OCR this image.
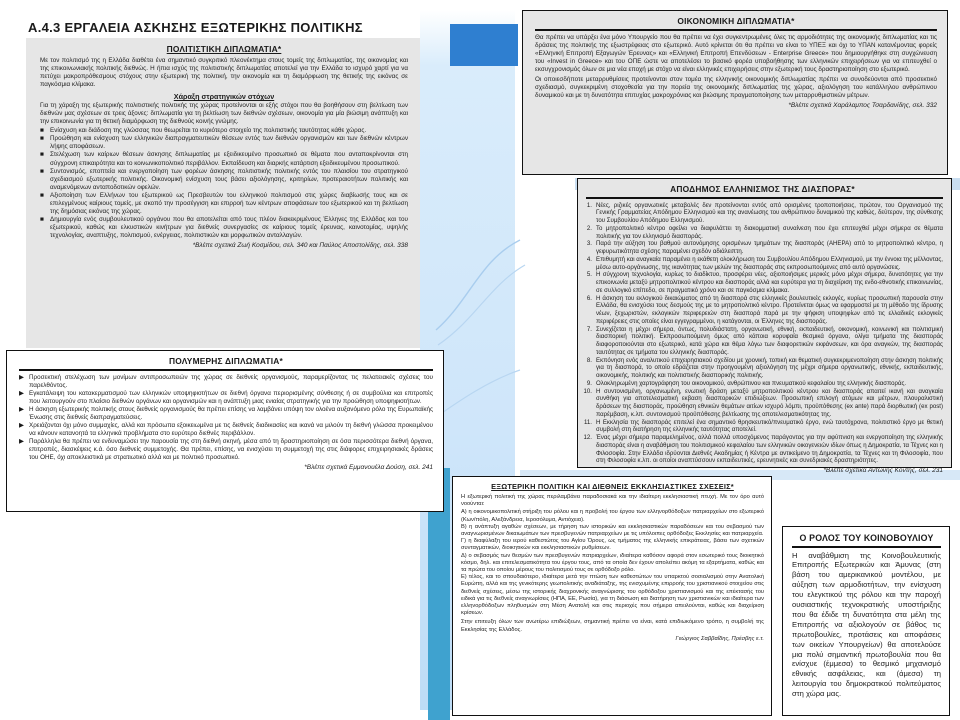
Α.4.3 ΕΡΓΑΛΕΙΑ ΑΣΚΗΣΗΣ ΕΞΩΤΕΡΙΚΗΣ ΠΟΛΙΤΙΚΗΣ
ΠΟΛΙΤΙΣΤΙΚΗ ΔΙΠΛΩΜΑΤΙΑ*
Με τον πολιτισμό της η Ελλάδα διαθέτει ένα σημαντικό συγκριτικό πλεονέκτημα στους τομείς της διπλωματίας, της οικονομίας και της επικοινωνιακής πολιτικής διεθνώς. Η ήπια ισχύς της πολιτιστικής διπλωματίας αποτελεί για την Ελλάδα το ισχυρό χαρτί για να πετύχει μακροπρόθεσμους στόχους στην εξωτερική της πολιτική, την οικονομία και τη διαμόρφωση της θετικής της εικόνας σε παγκόσμια κλίμακα.
Χάραξη στρατηγικών στόχων
Για τη χάραξη της εξωτερικής πολιτιστικής πολιτικής της χώρας προτείνονται οι εξής στόχοι που θα βοηθήσουν στη βελτίωση των διεθνών μας σχέσεων σε τρεις άξονες: διπλωματία για τη βελτίωση των διεθνών σχέσεων, οικονομία για μία βιώσιμη ανάπτυξη και την επικοινωνία για τη θετική διαμόρφωση της διεθνούς κοινής γνώμης.
■ Ενίσχυση και διάδοση της γλώσσας που θεωρείται το κυριότερο στοιχείο της πολιτιστικής ταυτότητας κάθε χώρας.
■ Προώθηση και ενίσχυση των ελληνικών διαπραγματευτικών θέσεων εντός των διεθνών οργανισμών και των διεθνών κέντρων λήψης αποφάσεων.
■ Στελέχωση των καίριων θέσεων άσκησης διπλωματίας με εξειδικευμένο προσωπικό σε θέματα που ανταποκρίνονται στη σύγχρονη επικαιρότητα και το κοινωνικοπολιτικό περιβάλλον. Εκπαίδευση και διαρκής κατάρτιση εξειδικευμένου προσωπικού.
■ Συντονισμός, εποπτεία και ενεργοποίηση των φορέων άσκησης πολιτιστικής πολιτικής εντός του πλαισίου του στρατηγικού σχεδιασμού εξωτερικής πολιτικής. Οικονομική ενίσχυση τους βάσει αξιολόγησης, κριτηρίων, προτεραιοτήτων πολιτικής και αναμενόμενων ανταποδοτικών οφελών.
■ Αξιοποίηση των Ελλήνων του εξωτερικού ως Πρεσβευτών του ελληνικού πολιτισμού στις χώρες διαβίωσής τους και σε επιλεγμένους καίριους τομείς, με σκοπό την προσέγγιση και επιρροή των κέντρων αποφάσεων του εξωτερικού και τη βελτίωση της δημόσιας εικόνας της χώρας.
■ Δημιουργία ενός συμβουλευτικού οργάνου που θα αποτελείται από τους πλέον διακεκριμένους Έλληνες της Ελλάδας και του εξωτερικού, καθώς και ελκυστικών κινήτρων για διεθνείς συνεργασίες σε καίριους τομείς έρευνας, καινοτομίας, υψηλής τεχνολογίας, αναπτυξης, πολιτισμού, ενέργειας, πολιτιστικών και μορφωτικών ανταλλαγών.
*Βλέπε σχετικά Ζωή Κοσμίδου, σελ. 340 και Παύλος Αποστολίδης, σελ. 338
ΠΟΛΥΜΕΡΗΣ ΔΙΠΛΩΜΑΤΙΑ*
▶ Προσεκτική στελέχωση των μονίμων αντιπροσωπειών της χώρας σε διεθνείς οργανισμούς, παραμερίζοντας τις πελατειακές σχέσεις του παρελθόντος.
▶ Εγκατάλειψη του κατακερματισμού των ελληνικών υποψηφιοτήτων σε διεθνή όργανα περιορισμένης σύνθεσης ή σε συμβούλια και επιτροπές που λειτουργούν στο πλαίσιο διεθνών οργάνων και οργανισμών και η ανάπτυξη μιας ενιαίας στρατηγικής για την προώθηση υποψηφιοτήτων.
▶ Η άσκηση εξωτερικής πολιτικής στους διεθνείς οργανισμούς θα πρέπει επίσης να λαμβάνει υπόψη τον ολοένα αυξανόμενο ρόλο της Ευρωπαϊκής Ένωσης στις διεθνείς διαπραγματεύσεις.
▶ Χρειάζονται όχι μόνο συμμαχίες, αλλά και πρόσωπα εξοικειωμένα με τις διεθνείς διαδικασίες και ικανά να μιλούν τη διεθνή γλώσσα προκειμένου να κάνουν κατανοητά τα ελληνικά προβλήματα στο ευρύτερο διεθνές περιβάλλον.
▶ Παράλληλα θα πρέπει να ενδυναμώσει την παρουσία της στη διεθνή σκηνή, μέσα από τη δραστηριοποίηση σε όσα περισσότερα διεθνή όργανα, επιτροπές, διασκέψεις κ.ά. όσο διεθνείς συμμετοχής. Θα πρέπει, επίσης, να ενισχύσει τη συμμετοχή της στις διάφορες επιχειρησιακές δράσεις του ΟΗΕ, όχι αποκλειστικά με στρατιωτικό αλλά και με πολιτικό προσωπικό.
*Βλέπε σχετικά Εμμανουέλα Δούση, σελ. 241
ΟΙΚΟΝΟΜΙΚΗ ΔΙΠΛΩΜΑΤΙΑ*
Θα πρέπει να υπάρξει ένα μόνο Υπουργείο που θα πρέπει να έχει συγκεντρωμένες όλες τις αρμοδιότητες της οικονομικής διπλωματίας και τις δράσεις της πολιτικής της εξωστρέφειας στο εξωτερικό. Αυτό κρίνεται ότι θα πρέπει να είναι το ΥΠΕΞ και όχι το ΥΠΑΝ κατανέμοντας φορείς «Ελληνική Επιτροπή Εξαγωγών Έρευνας» και «Ελληνική Επιτροπή Επενδύσεων - Enterprise Greece» που δημιουργήθηκε στη συγχώνευση του «Invest in Greece» και του ΟΠΕ ώστε να αποτελέσει το βασικό φορέα υποβοήθησης των ελληνικών επιχειρήσεων για να επιτευχθεί ο εκσυγχρονισμός όλων σε μια νέα εποχή με στόχο να είναι ελληνικές επιχειρήσεις στην εξωτερική τους δραστηριοποίηση στο εξωτερικό.
Οι οποιεσδήποτε μεταρρυθμίσεις προτείνονται στον τομέα της ελληνικής οικονομικής διπλωματίας πρέπει να συνοδεύονται από προσεκτικό σχεδιασμό, συγκεκριμένη στοχοθεσία για την πορεία της οικονομικής διπλωματίας της χώρας, αξιολόγηση του κατάλληλου ανθρώπινου δυναμικού και με τη δυνατότητα επιτυχίας μακροχρόνιας και βιώσιμης πραγματοποίησης των μεταρρυθμιστικών μέτρων.
*Βλέπε σχετικά Χαράλαμπος Τσαρδανίδης, σελ. 332
ΑΠΟΔΗΜΟΣ ΕΛΛΗΝΙΣΜΟΣ ΤΗΣ ΔΙΑΣΠΟΡΑΣ*
1. Νέες, ριζικές οργανωτικές μεταβολές δεν προτείνονται εντός από ορισμένες τροποποιήσεις, πρώτον, του Οργανισμού της Γενικής Γραμματείας Απόδημου Ελληνισμού και της ανανέωσης του ανθρώπινου δυναμικού της καθώς, δεύτερον, της σύνθεσης του Συμβουλίου Απόδημου Ελληνισμού.
2. Το μητροπολιτικό κέντρο οφείλει να διαφυλάττει τη διακομματική συναίνεση που έχει επιτευχθεί μέχρι σήμερα σε θέματα πολιτικής για τον ελληνισμό διασποράς.
3. Παρά την αύξηση του βαθμού αυτονόμησης ορισμένων τμημάτων της διασποράς (AHEPA) από το μητροπολιτικό κέντρο, η γεφυρωτικότητα σχέσης παραμένει σχεδόν αδιάλειπτη.
4. Επιθυμητή και αναγκαία παραμένει η εκάθετη ολοκλήρωση του Συμβουλίου Απόδημου Ελληνισμού, με την έννοια της μέλλοντας, μέσω αυτο-οργάνωσης, της ικανότητας των μελών της διασποράς στις εκπροσωπούμενες από αυτό οργανώσεις.
5. Η σύγχρονη τεχνολογία, κυρίως το διαδίκτυο, προσφέρει νέες, αξιοποιήσιμες μερικές μόνο μέχρι σήμερα, δυνατότητες για την επικοινωνία μεταξύ μητροπολιτικού κέντρου και διασποράς αλλά και ευρύτερα για τη διαχείριση της ενδο-εθνοτικής επικοινωνίας, σε συλλογικό επίπεδο, σε πραγματικό χρόνο και σε παγκόσμια κλίμακα.
6. Η άσκηση του εκλογικού δικαιώματος από τη διασπορά στις ελληνικές βουλευτικές εκλογές, κυρίως προσωπική παρουσία στην Ελλάδα, θα ενισχύσει τους δεσμούς της με το μητροπολιτικό κέντρο. Προτείνεται όμως να εφαρμοστεί με τη μέθοδο της ίδρυσης νέων, ξεχωριστών, εκλογικών περιφερειών στη διασπορά παρά με την ψήφιση υποψηφίων από τις ελλαδικές εκλογικές περιφέρειες στις οποίες είναι εγγεγραμμένοι, η κατάγονται, οι Έλληνες της διασποράς.
7. Συνεχίζεται η μέχρι σήμερα, όντως, πολυδιάστατη, οργανωτική, εθνική, εκπαιδευτική, οικονομική, κοινωνική και πολιτισμική διασπορική πολιτική. Εκπροσωπούμενη όμως από κάποια κορυφαία θεσμικά όργανα, ολίγα τμήματα της διασποράς διαφοροποιούνται στο εξωτερικό, κατά χώρα και θέμα λόγω των διαφορετικών εκφάνσεων, και όρα αναγκών, της διασποράς ταυτότητας σε τμήματα του ελληνικής διασποράς.
8. Εκπόνηση ενός αναλυτικού επιχειρησιακού σχεδίου με χρονική, τοπική και θεματική συγκεκριμενοποίηση στην άσκηση πολιτικής για τη διασπορά, το οποίο εδράζεται στην προηγουμένη αξιολόγηση της μέχρι σήμερα οργανωτικής, εθνικής, εκπαιδευτικής, οικονομικής, πολιτικής και πολιτιστικής διασπορικής πολιτικής.
9. Ολοκληρωμένη χαρτογράφηση του οικονομικού, ανθρώπινου και πνευματικού κεφαλαίου της ελληνικής διασποράς.
10. Η συντονισμένη, οργανωμένη, ενωτική δράση μεταξύ μητροπολιτικού κέντρου και διασποράς απαιτεί ικανή και αναγκαία συνθήκη για αποτελεσματική εκβαση διασπορικών επιδιώξεων. Προσωπική επιλογή ατόμων και μέτρων, πλουραλιστική δράσεων της διασποράς, προώθηση εθνικών θεμάτων αιτίων ισχυρό λόμπι, προϋπόθεσης (ex ante) παρά διορθωτική (ex post) παρέμβαση, κ.λπ. συντονισμού προϋπόθεσης βελτίωσης της αποτελεσματικότητας της.
11. Η Εκκλησία της διασποράς επιτελεί ένα σημαντικό θρησκευτικό/πνευματικό έργο, ενώ ταυτόχρονα, πολιτιστικό έργο με θετική συμβολή στη διατήρηση της ελληνικής ταυτότητας αποτελεί.
12. Ένας μέχρι σήμερα παραμελημένος, αλλά πολλά υποσχόμενος παράγοντας για την αφύπνιση και ενεργοποίηση της ελληνικής διασποράς είναι η αναβάθμιση του πολιτισμικού κεφαλαίου των ελληνικών οικογενειών ιδίων όπως η Δημοκρατία, τα Τέχνες και η Φιλοσοφία. Στην Ελλάδα ιδρύονται Διεθνές Ακαδημίας ή Κέντρα με αντικείμενο τη Δημοκρατία, τα Τέχνες και τη Φιλοσοφία, που στη Φιλοσοφία κ.λπ. οι οποίοι αναπτύσσουν εκπαιδευτικές, ερευνητικές και συνεδριακές δραστηριότητες.
*Βλέπε σχετικά Αντώνης Κόντης, σελ. 231
ΕΞΩΤΕΡΙΚΗ ΠΟΛΙΤΙΚΗ ΚΑΙ ΔΙΕΘΝΕΙΣ ΕΚΚΛΗΣΙΑΣΤΙΚΕΣ ΣΧΕΣΕΙΣ*
Η εξωτερική πολιτική της χώρας περιλαμβάνει παραδοσιακά και την ιδιαίτερη εκκλησιαστική πτυχή. Με τον όρο αυτό νοούνται:
Α) η οικονομικοπολιτική στήριξη του ρόλου και η προβολή του έργου των ελληνορθόδοξων πατριαρχείων στο εξωτερικό (Κων/πόλη, Αλεξάνδρεια, Ιεροσόλυμα, Αντιόχεια).
Β) η ανάπτυξη αγαθών σχέσεων, με τήρηση των ιστορικών και εκκλησιαστικών παραδόσεων και του σεβασμού των αναγνωρισμένων δικαιωμάτων των πρεσβυγενών πατριαρχείων με τις υπόλοιπες ορθόδοξες Εκκλησίες και πατριαρχεία.
Γ) η διαφύλαξη του ιερού καθεστώτος του Αγίου Όρους, ως τμήματος της ελληνικής επικράτειας, βάσει των σχετικών συνταγματικών, διοικητικών και εκκλησιαστικών ρυθμίσεων.
Δ) ο σεβασμός των θεσμών των πρεσβυγενών πατριαρχείων, ιδιαίτερα καθόσον αφορά στον εσωτερικό τους διοικητικό κόσμο, δηλ. και επιτελεσματικότητα του έργου τους, από τα οποία δεν έχουν απολείπει ακόμη τα εξαρτήματα, καθώς και τα πρώτα του οποίου μέρους του πολιτισμού τους σε ορθόδοξο ρόλο.
Ε) τέλος, και το σπουδαιότερο, ιδιαίτερα μετά την πτώση των καθεστώτων του υπαρκτού σοσιαλισμού στην Ανατολική Ευρώπη, αλλά και της γενικότερης γεωπολιτικής αναδιάταξης, της ενισχυμένης επιρροής του χριστιανικού στοιχείου στις διεθνείς σχέσεις, μέσω της ιστορικής διαχρονικής αναγνώρισης του ορθόδοξου χριστιανισμού και της επέκτασής του ειδικά για τις διεθνείς αναγνωρίσεις (ΗΠΑ, ΕΕ, Ρωσία), για τη διάσωση και διατήρηση των χριστιανικών και ιδιαίτερα των ελληνορθόδοξων πληθυσμών στη Μέση Ανατολή και στις περιοχές που σήμερα απειλούνται, καθώς και διαχείριση κρίσεων.
Στην επιτευξη όλων των ανωτέρω επιδιώξεων, σημαντική πρέπει να είναι, κατά επιδιωκόμενο τρόπο, η συμβολή της Εκκλησίας της Ελλάδος.
Γεώργιος Σαββαΐδης, Πρέσβης ε.τ.
Ο ΡΟΛΟΣ ΤΟΥ ΚΟΙΝΟΒΟΥΛΙΟΥ
Η αναβάθμιση της Κοινοβουλευτικής Επιτροπής Εξωτερικών και Άμυνας (στη βάση του αμερικανικού μοντέλου, με αύξηση των αρμοδιοτήτων, την ενίσχυση του ελεγκτικού της ρόλου και την παροχή ουσιαστικής τεχνοκρατικής υποστήριξης που θα έδιδε τη δυνατότητα στα μέλη της Επιτροπής να αξιολογούν σε βάθος τις πρωτοβουλίες, προτάσεις και αποφάσεις των οικείων Υπουργείων) θα αποτελούσε μια πολύ σημαντική πρωτοβουλία που θα ενίσχυε (έμμεσα) το θεσμικό μηχανισμό εθνικής ασφάλειας, και (άμεσα) τη λειτουργία του δημοκρατικού πολιτεύματος στη χώρα μας.
